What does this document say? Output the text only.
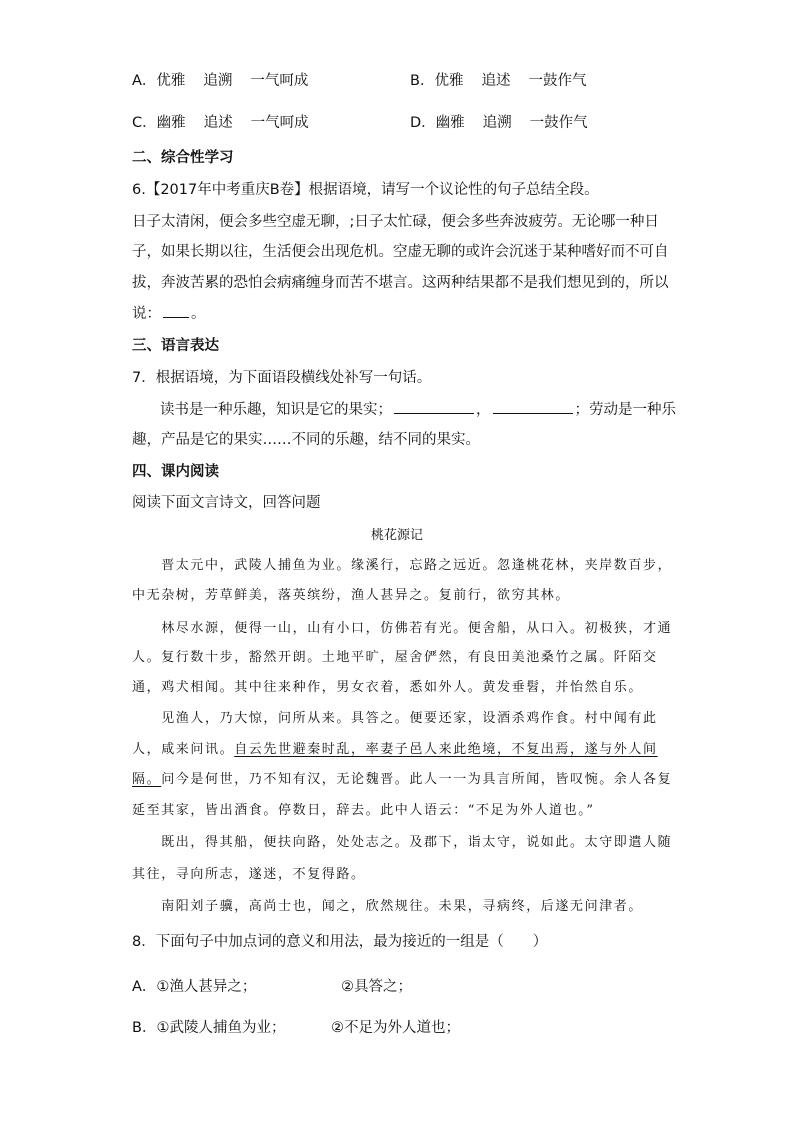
A．优雅 追溯 一气呵成	B．优雅 追述 一鼓作气
C．幽雅 追述 一气呵成	D．幽雅 追溯 一鼓作气
二、综合性学习
6.【2017年中考重庆B卷】根据语境，请写一个议论性的句子总结全段。
日子太清闲，便会多些空虚无聊，;日子太忙碌，便会多些奔波疲劳。无论哪一种日
子，如果长期以往，生活便会出现危机。空虚无聊的或许会沉迷于某种嗜好而不可自
拔，奔波苦累的恐怕会病痛缠身而苦不堪言。这两种结果都不是我们想见到的，所以
说： 。
三、语言表达
7．根据语境，为下面语段横线处补写一句话。
读书是一种乐趣，知识是它的果实；	，	；劳动是一种乐
趣，产品是它的果实……不同的乐趣，结不同的果实。
四、课内阅读
阅读下面文言诗文，回答问题
桃花源记
　　晋太元中，武陵人捕鱼为业。缘溪行，忘路之远近。忽逢桃花林，夹岸数百步，
中无杂树，芳草鲜美，落英缤纷，渔人甚异之。复前行，欲穷其林。
　　林尽水源，便得一山，山有小口，仿佛若有光。便舍船，从口入。初极狭，才通
人。复行数十步，豁然开朗。土地平旷，屋舍俨然，有良田美池桑竹之属。阡陌交
通，鸡犬相闻。其中往来种作，男女衣着，悉如外人。黄发垂髫，并怡然自乐。
　　见渔人，乃大惊，问所从来。具答之。便要还家，设酒杀鸡作食。村中闻有此
人，咸来问讯。自云先世避秦时乱，率妻子邑人来此绝境，不复出焉，遂与外人间
隔。问今是何世，乃不知有汉，无论魏晋。此人一一为具言所闻，皆叹惋。余人各复
延至其家，皆出酒食。停数日，辞去。此中人语云：“不足为外人道也。”
　　既出，得其船，便扶向路，处处志之。及郡下，诣太守，说如此。太守即遣人随
其往，寻向所志，遂迷，不复得路。
　　南阳刘子骥，高尚士也，闻之，欣然规往。未果，寻病终，后遂无问津者。
8．下面句子中加点词的意义和用法，最为接近的一组是（　　）
A．①渔人甚异之；	②具答之；
B．①武陵人捕鱼为业；	②不足为外人道也；
